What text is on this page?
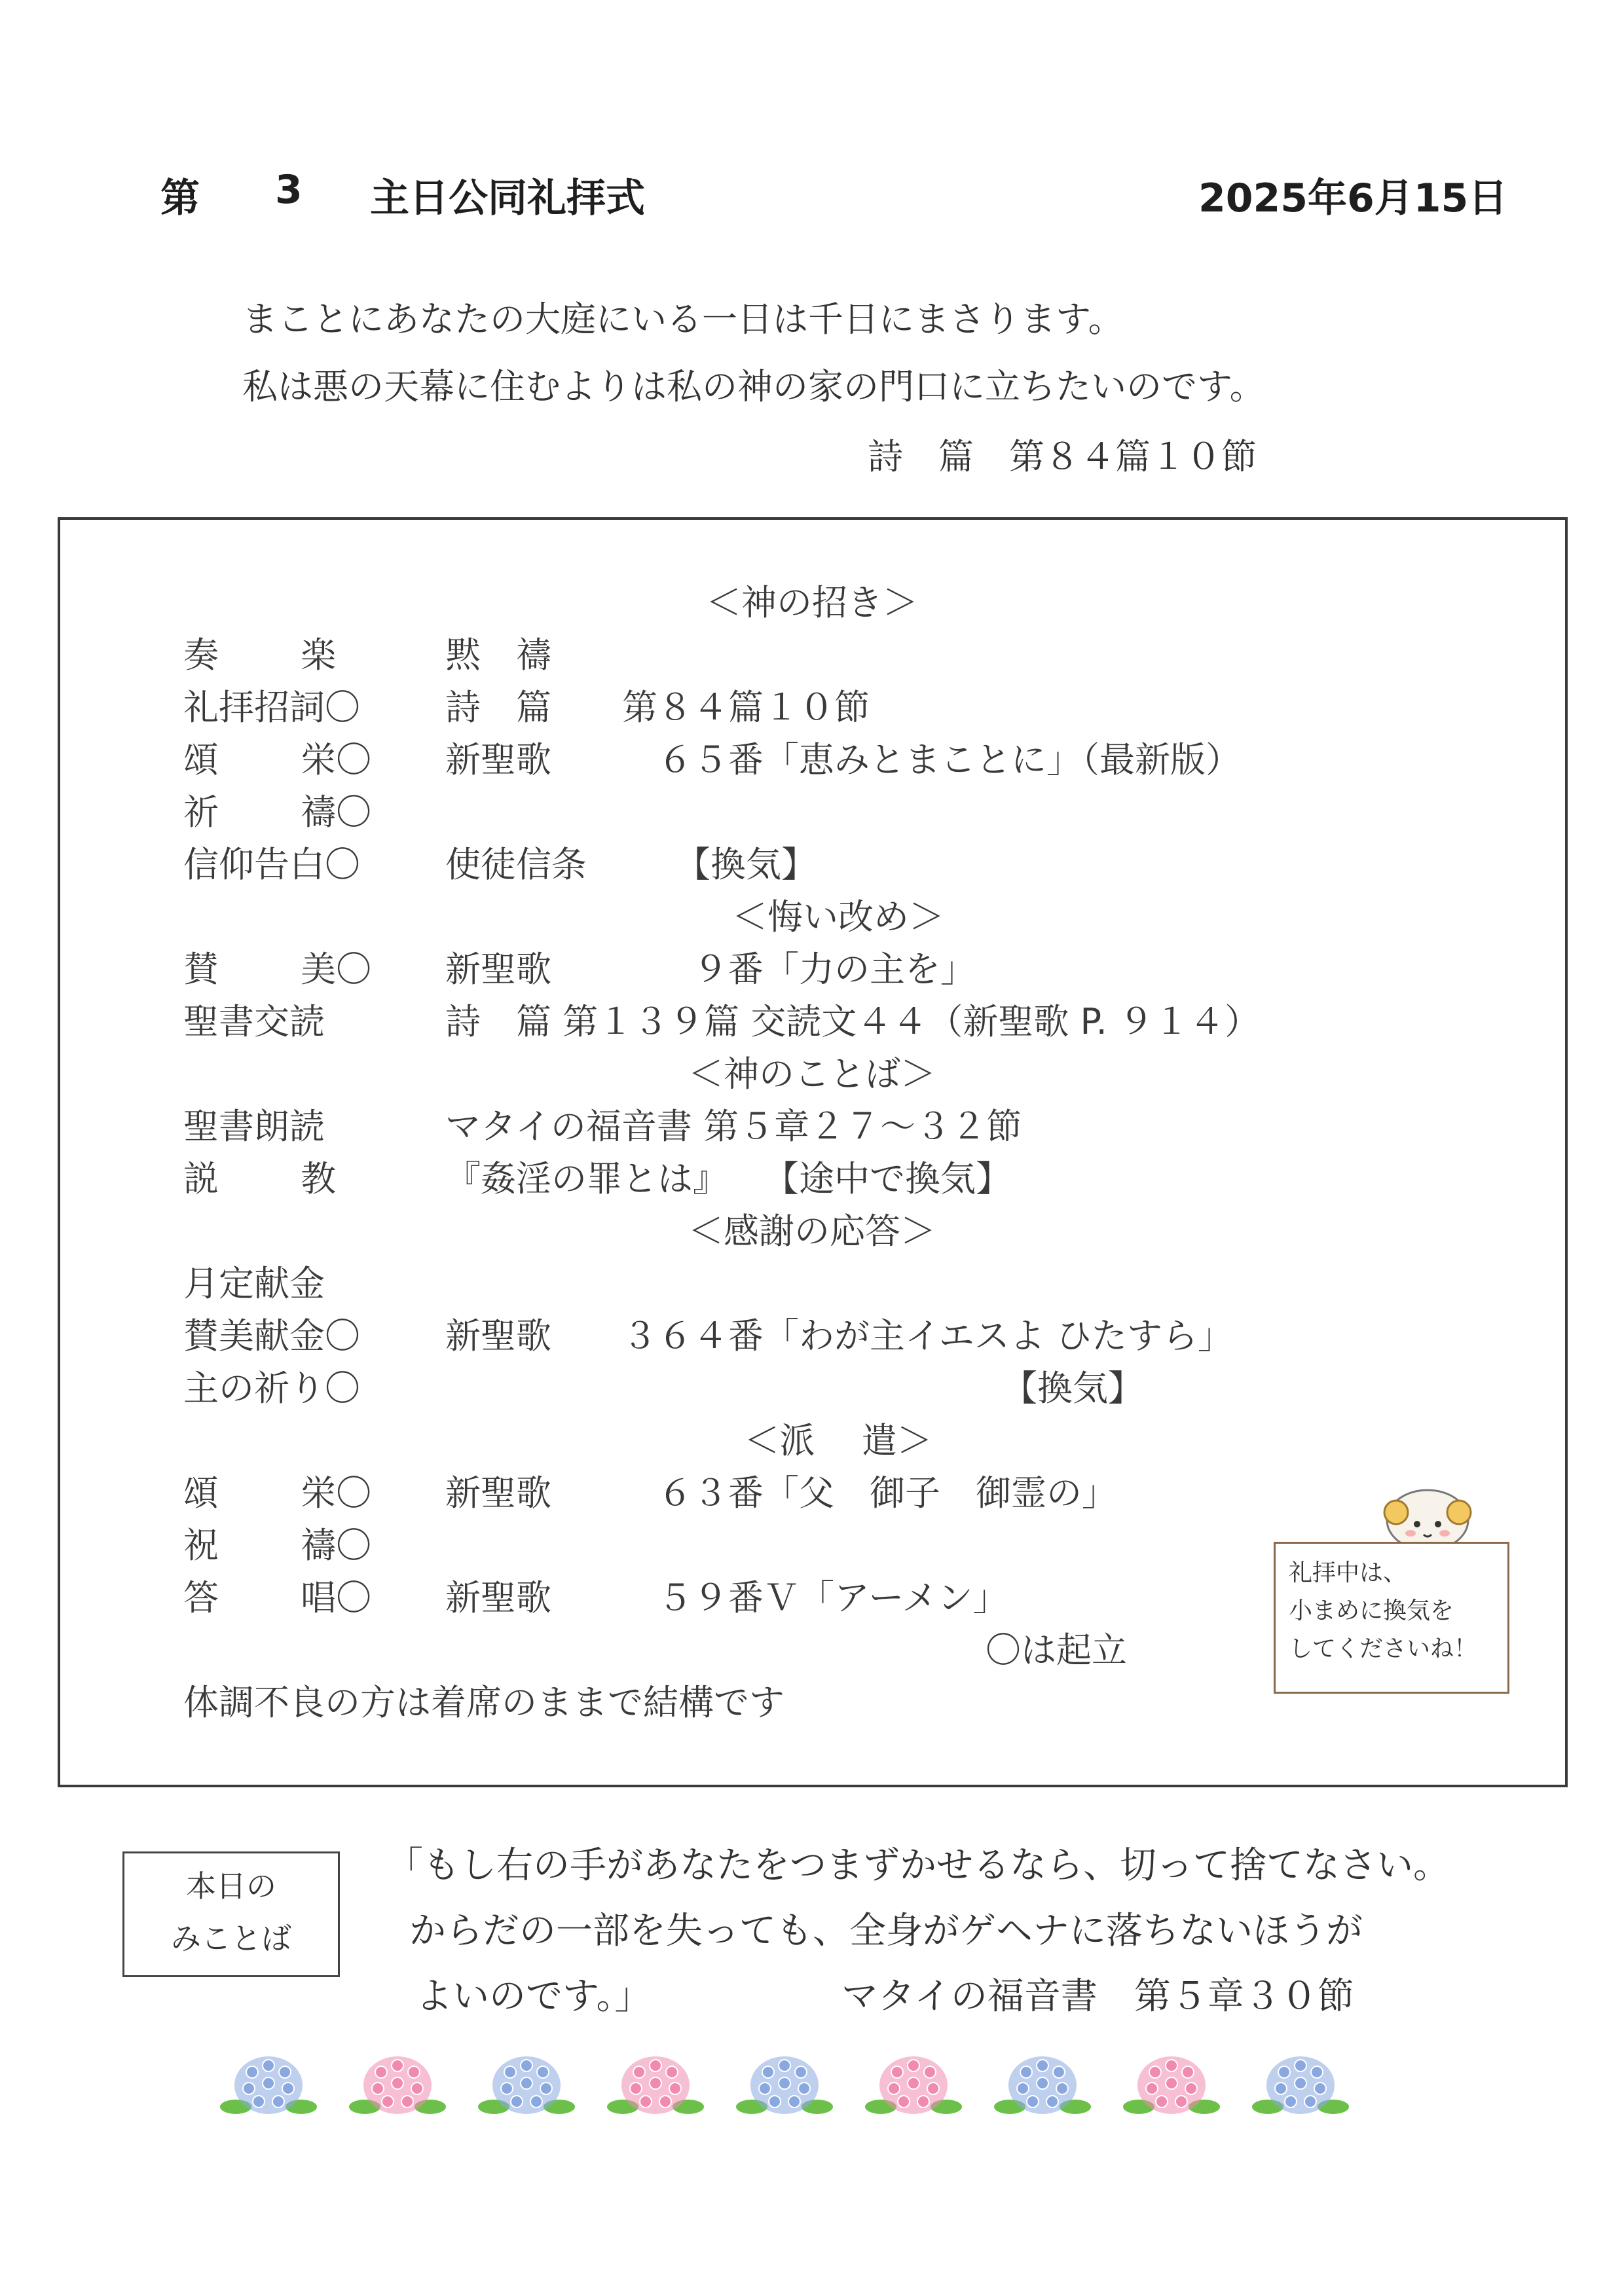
第 3 主日公同礼拝式	2025年6月15日
まことにあなたの大庭にいる一日は千日にまさります。
私は悪の天幕に住むよりは私の神の家の門口に立ちたいのです。
詩　篇　第８４篇１０節
＜神の招き＞
奏　　 楽	黙　禱
礼拝招詞〇 詩　篇　　第８４篇１０節
頌　　 栄〇 新聖歌　　　６５番「恵みとまことに」（最新版）
祈　　 禱〇
信仰告白〇 使徒信条　　　【換気】
＜悔い改め＞
賛　　 美〇 新聖歌　　　　９番「力の主を」
聖書交読	詩　篇 第１３９篇 交読文４４（新聖歌 P. ９１４）
＜神のことば＞
聖書朗読	マタイの福音書 第５章２７～３２節
説　　 教	『姦淫の罪とは』　　【途中で換気】
＜感謝の応答＞
月定献金
賛美献金〇 新聖歌　　３６４番「わが主イエスよ ひたすら」
主の祈り〇	【換気】
＜派　 遣＞
頌　　 栄〇 新聖歌　　　６３番「父　御子　御霊の」
祝　　 禱〇
答　　 唱〇 新聖歌　　　５９番Ｖ「アーメン」
〇は起立
体調不良の方は着席のままで結構です
礼拝中は、
小まめに換気を
してくださいね！
本日の
みことば
「もし右の手があなたをつまずかせるなら、切って捨てなさい。
からだの一部を失っても、全身がゲヘナに落ちないほうが
よいのです。」	マタイの福音書　第５章３０節
